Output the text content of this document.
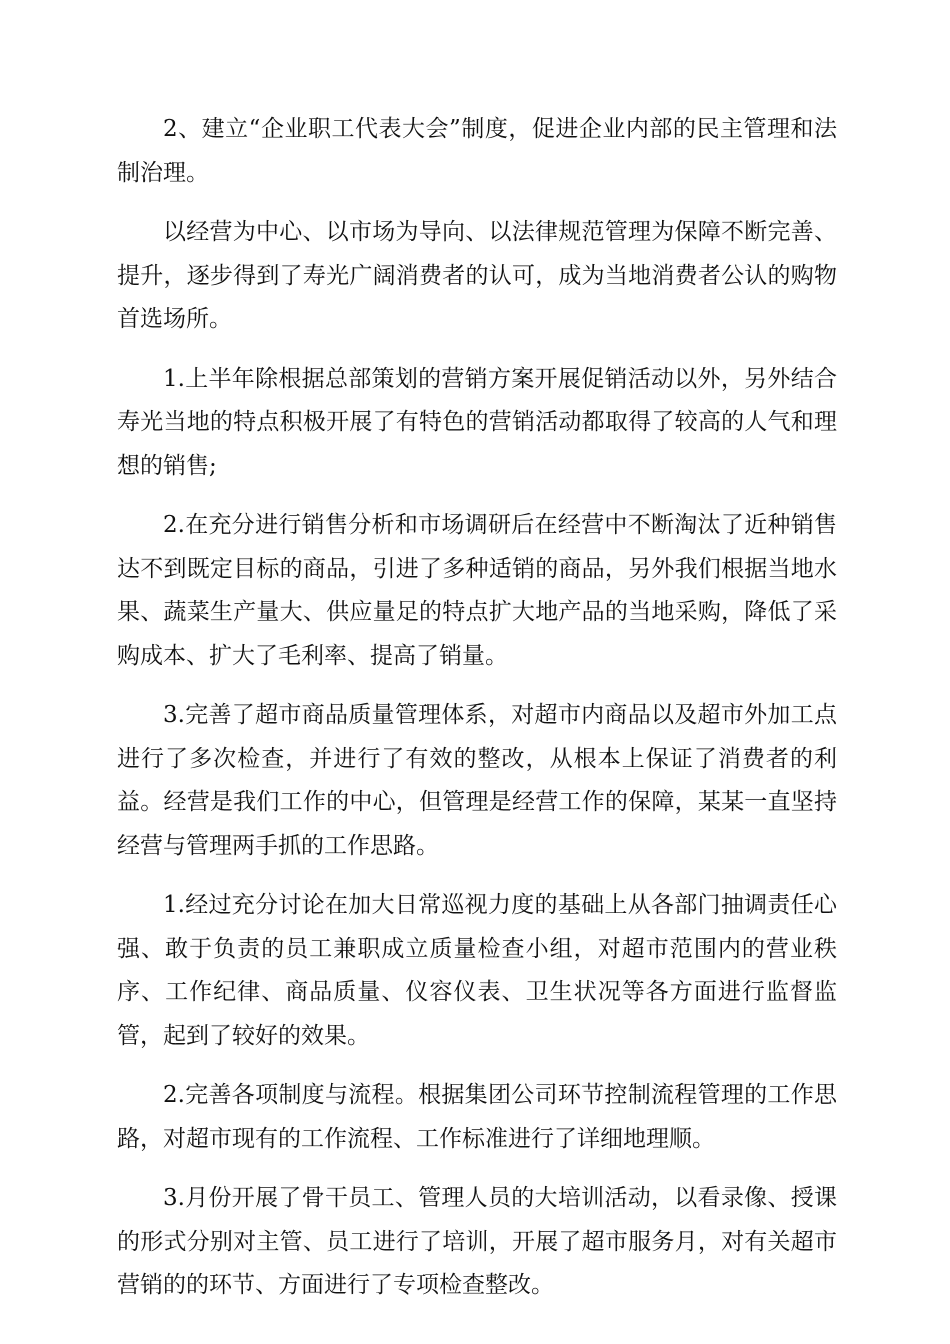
2、建立“企业职工代表大会”制度，促进企业内部的民主管理和法制治理。

以经营为中心、以市场为导向、以法律规范管理为保障不断完善、提升，逐步得到了寿光广阔消费者的认可，成为当地消费者公认的购物首选场所。

1.上半年除根据总部策划的营销方案开展促销活动以外，另外结合寿光当地的特点积极开展了有特色的营销活动都取得了较高的人气和理想的销售;

2.在充分进行销售分析和市场调研后在经营中不断淘汰了近种销售达不到既定目标的商品，引进了多种适销的商品，另外我们根据当地水果、蔬菜生产量大、供应量足的特点扩大地产品的当地采购，降低了采购成本、扩大了毛利率、提高了销量。

3.完善了超市商品质量管理体系，对超市内商品以及超市外加工点进行了多次检查，并进行了有效的整改，从根本上保证了消费者的利益。经营是我们工作的中心，但管理是经营工作的保障，某某一直坚持经营与管理两手抓的工作思路。

1.经过充分讨论在加大日常巡视力度的基础上从各部门抽调责任心强、敢于负责的员工兼职成立质量检查小组，对超市范围内的营业秩序、工作纪律、商品质量、仪容仪表、卫生状况等各方面进行监督监管，起到了较好的效果。

2.完善各项制度与流程。根据集团公司环节控制流程管理的工作思路，对超市现有的工作流程、工作标准进行了详细地理顺。

3.月份开展了骨干员工、管理人员的大培训活动，以看录像、授课的形式分别对主管、员工进行了培训，开展了超市服务月，对有关超市营销的的环节、方面进行了专项检查整改。
